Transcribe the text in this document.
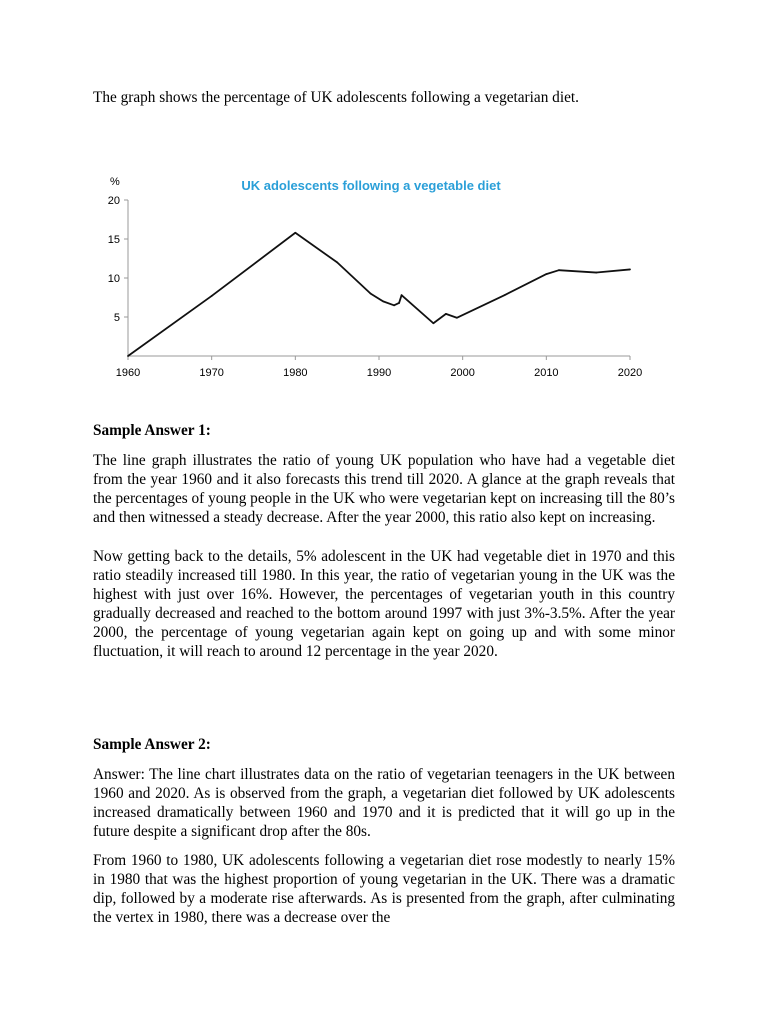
The graph shows the percentage of UK adolescents following a vegetarian diet.

UK adolescents following a vegetable diet
%
5
10
15
20
1960	1970	1980	1990	2000	2010	2020

Sample Answer 1:

The line graph illustrates the ratio of young UK population who have had a vegetable diet from the year 1960 and it also forecasts this trend till 2020. A glance at the graph reveals that the percentages of young people in the UK who were vegetarian kept on increasing till the 80’s and then witnessed a steady decrease. After the year 2000, this ratio also kept on increasing.

Now getting back to the details, 5% adolescent in the UK had vegetable diet in 1970 and this ratio steadily increased till 1980. In this year, the ratio of vegetarian young in the UK was the highest with just over 16%. However, the percentages of vegetarian youth in this country gradually decreased and reached to the bottom around 1997 with just 3%-3.5%. After the year 2000, the percentage of young vegetarian again kept on going up and with some minor fluctuation, it will reach to around 12 percentage in the year 2020.

Sample Answer 2:

Answer: The line chart illustrates data on the ratio of vegetarian teenagers in the UK between 1960 and 2020. As is observed from the graph, a vegetarian diet followed by UK adolescents increased dramatically between 1960 and 1970 and it is predicted that it will go up in the future despite a significant drop after the 80s.

From 1960 to 1980, UK adolescents following a vegetarian diet rose modestly to nearly 15% in 1980 that was the highest proportion of young vegetarian in the UK. There was a dramatic dip, followed by a moderate rise afterwards. As is presented from the graph, after culminating the vertex in 1980, there was a decrease over the
